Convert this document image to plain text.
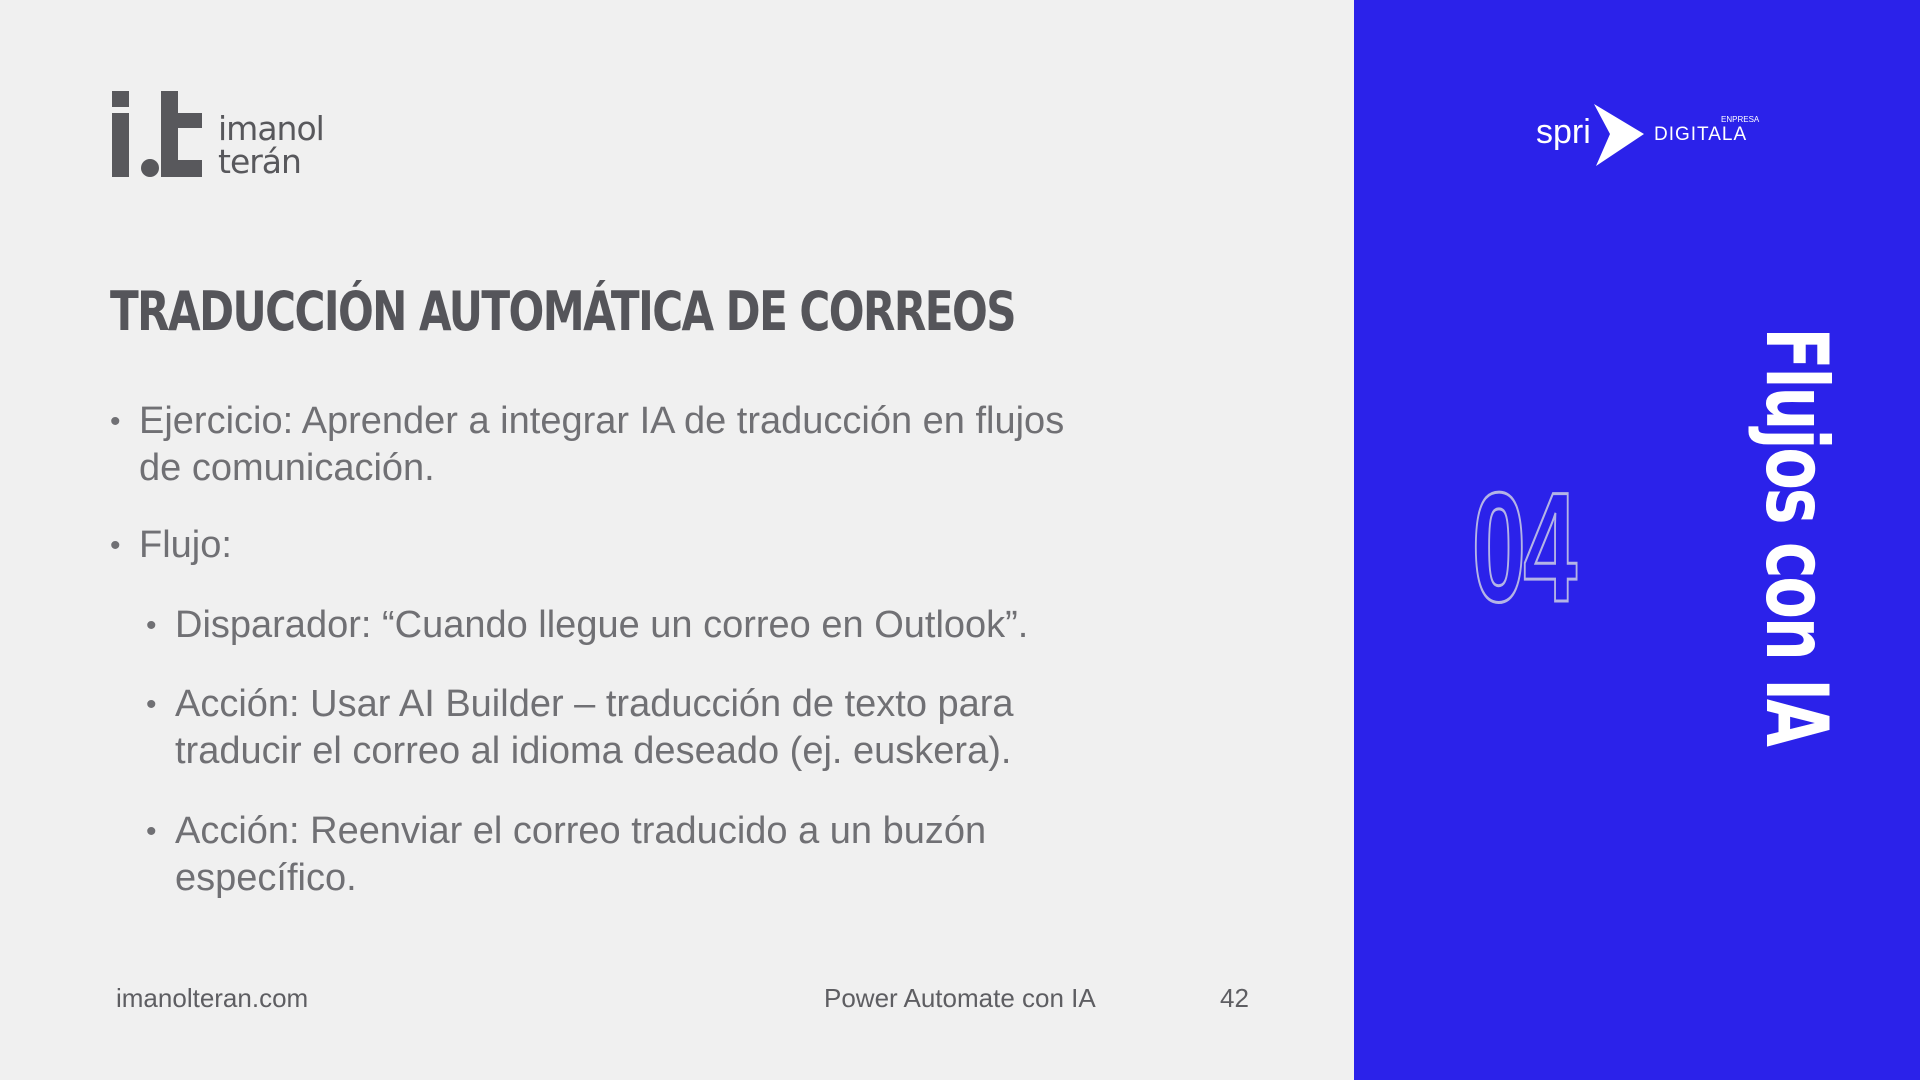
imanol
terán
TRADUCCIÓN AUTOMÁTICA DE CORREOS
• Ejercicio: Aprender a integrar IA de traducción en flujos de comunicación.
• Flujo:
• Disparador: “Cuando llegue un correo en Outlook”.
• Acción: Usar AI Builder – traducción de texto para traducir el correo al idioma deseado (ej. euskera).
• Acción: Reenviar el correo traducido a un buzón específico.
imanolteran.com	Power Automate con IA	42
spri	ENPRESA
DIGITALA
04 Flujos con IA
